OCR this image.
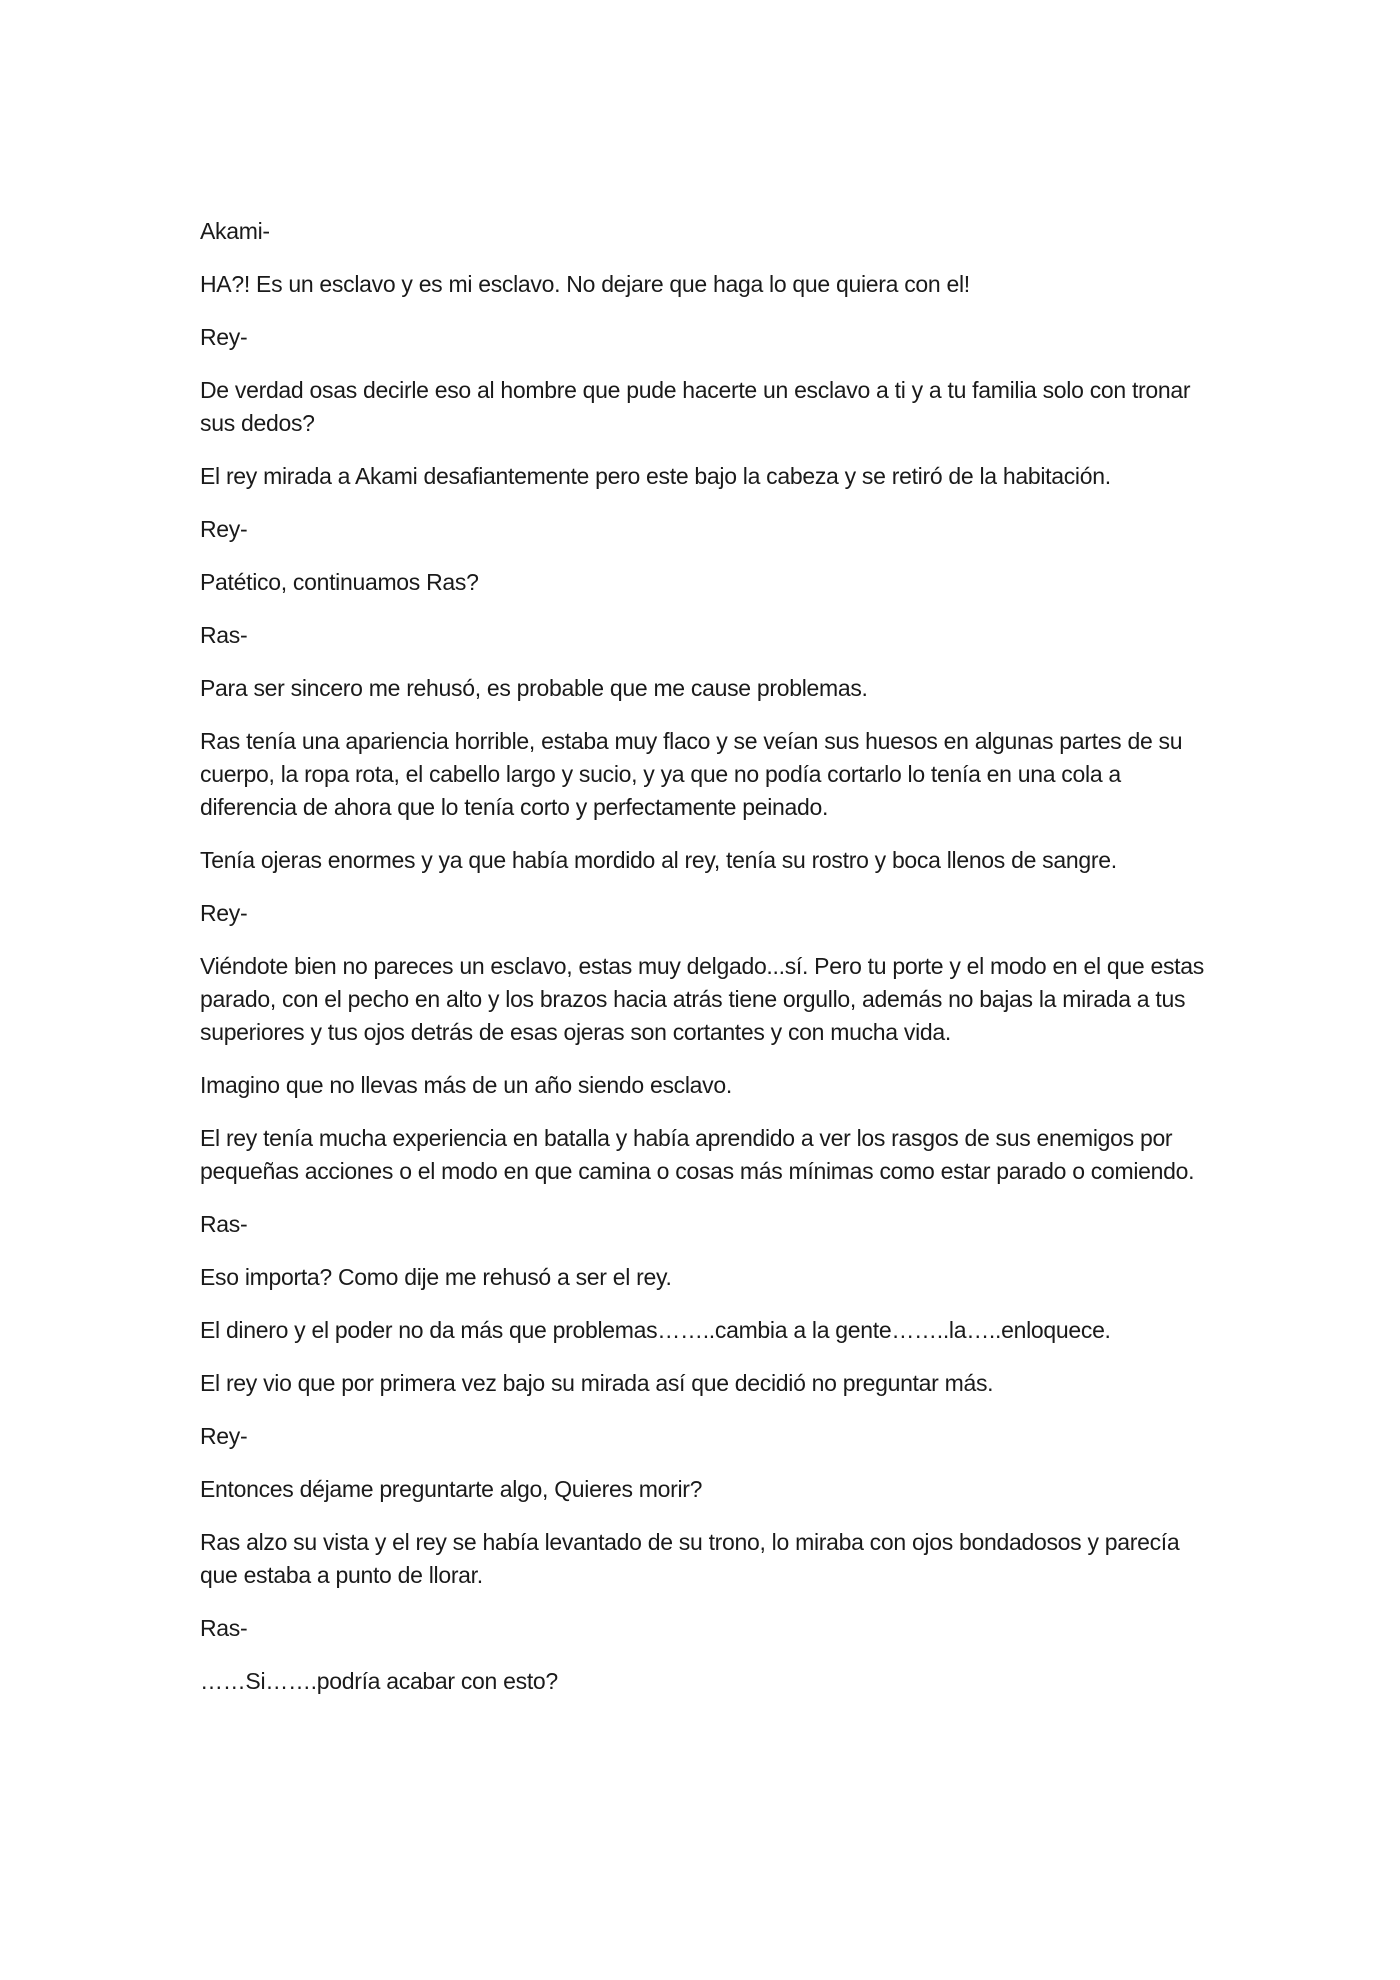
Akami-

HA?! Es un esclavo y es mi esclavo. No dejare que haga lo que quiera con el!

Rey-

De verdad osas decirle eso al hombre que pude hacerte un esclavo a ti y a tu familia solo con tronar sus dedos?

El rey mirada a Akami desafiantemente pero este bajo la cabeza y se retiró de la habitación.

Rey-

Patético, continuamos Ras?

Ras-

Para ser sincero me rehusó, es probable que me cause problemas.

Ras tenía una apariencia horrible, estaba muy flaco y se veían sus huesos en algunas partes de su cuerpo, la ropa rota, el cabello largo y sucio, y ya que no podía cortarlo lo tenía en una cola a diferencia de ahora que lo tenía corto y perfectamente peinado.

Tenía ojeras enormes y ya que había mordido al rey, tenía su rostro y boca llenos de sangre.

Rey-

Viéndote bien no pareces un esclavo, estas muy delgado...sí. Pero tu porte y el modo en el que estas parado, con el pecho en alto y los brazos hacia atrás tiene orgullo, además no bajas la mirada a tus superiores y tus ojos detrás de esas ojeras son cortantes y con mucha vida.

Imagino que no llevas más de un año siendo esclavo.

El rey tenía mucha experiencia en batalla y había aprendido a ver los rasgos de sus enemigos por pequeñas acciones o el modo en que camina o cosas más mínimas como estar parado o comiendo.

Ras-

Eso importa? Como dije me rehusó a ser el rey.

El dinero y el poder no da más que problemas……..cambia a la gente……..la…..enloquece.

El rey vio que por primera vez bajo su mirada así que decidió no preguntar más.

Rey-

Entonces déjame preguntarte algo, Quieres morir?

Ras alzo su vista y el rey se había levantado de su trono, lo miraba con ojos bondadosos y parecía que estaba a punto de llorar.

Ras-

……Si…….podría acabar con esto?
